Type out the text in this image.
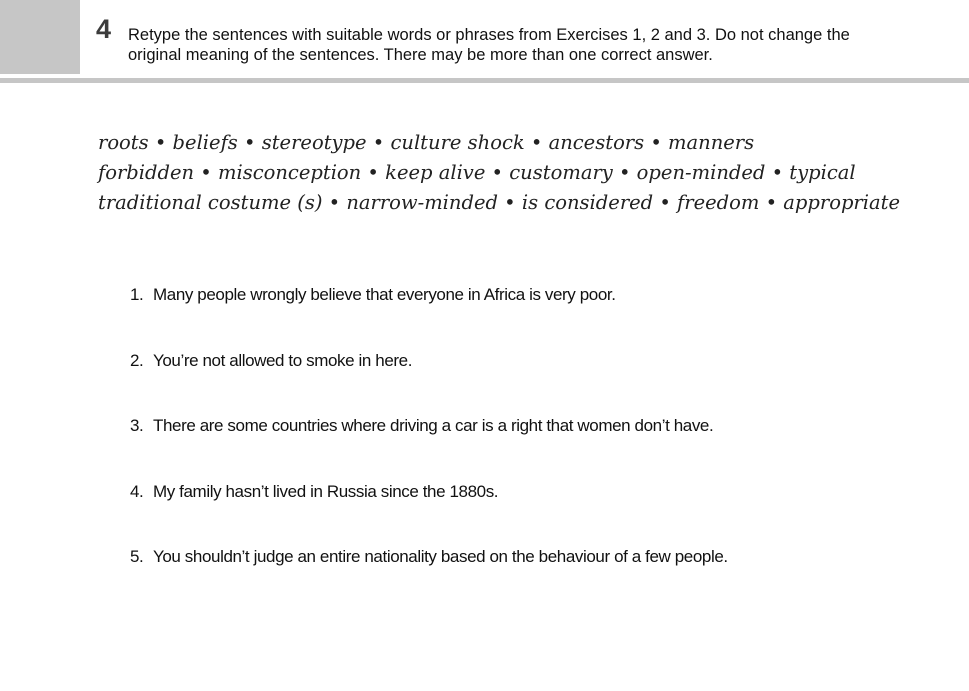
4 Retype the sentences with suitable words or phrases from Exercises 1, 2 and 3. Do not change the
original meaning of the sentences. There may be more than one correct answer.
roots • beliefs • stereotype • culture shock • ancestors • manners
forbidden • misconception • keep alive • customary • open-minded • typical
traditional costume (s) • narrow-minded • is considered • freedom • appropriate
1. Many people wrongly believe that everyone in Africa is very poor.
2. You’re not allowed to smoke in here.
3. There are some countries where driving a car is a right that women don’t have.
4. My family hasn’t lived in Russia since the 1880s.
5. You shouldn’t judge an entire nationality based on the behaviour of a few people.
